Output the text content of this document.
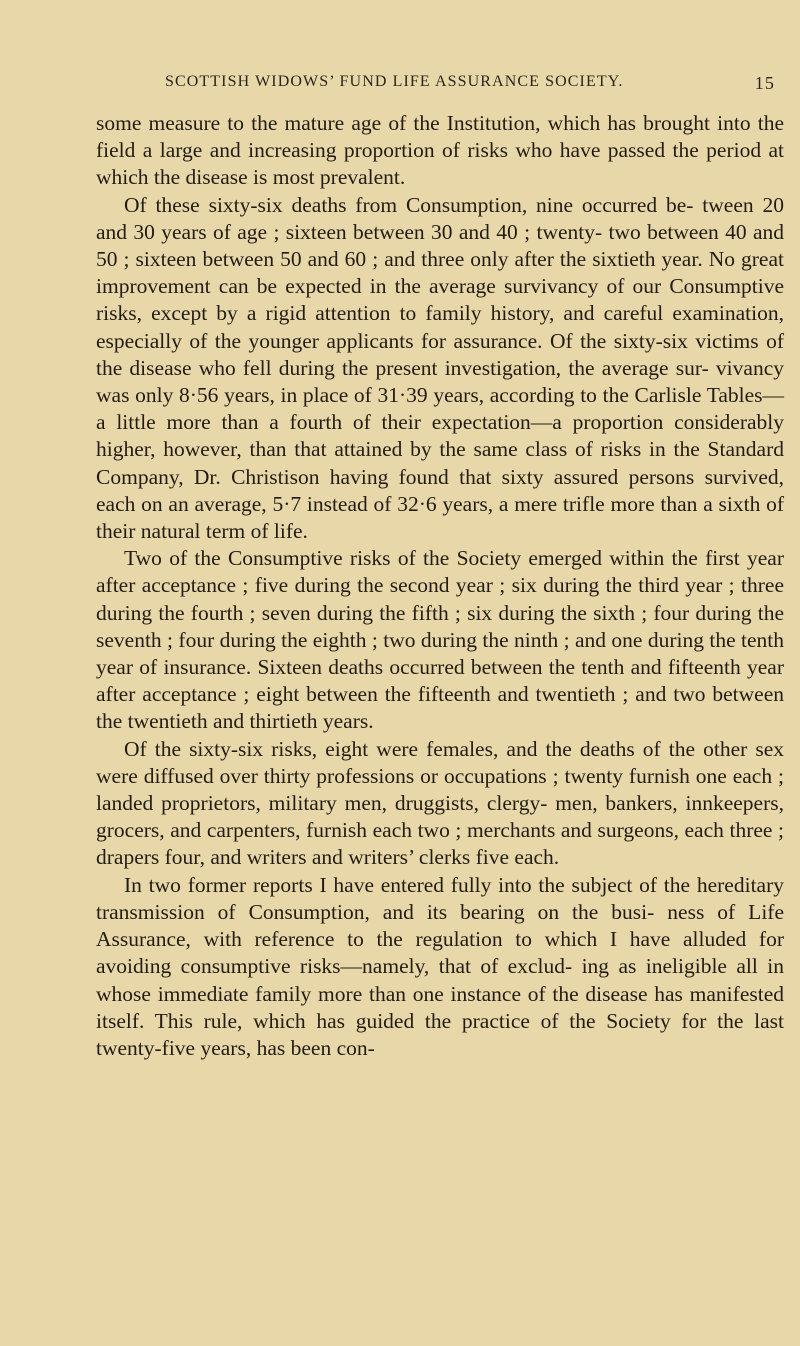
SCOTTISH WIDOWS’ FUND LIFE ASSURANCE SOCIETY.	15

some measure to the mature age of the Institution, which has brought into the field a large and increasing proportion of risks who have passed the period at which the disease is most prevalent.

Of these sixty-six deaths from Consumption, nine occurred be- tween 20 and 30 years of age ; sixteen between 30 and 40 ; twenty- two between 40 and 50 ; sixteen between 50 and 60 ; and three only after the sixtieth year. No great improvement can be expected in the average survivancy of our Consumptive risks, except by a rigid attention to family history, and careful examination, especially of the younger applicants for assurance. Of the sixty-six victims of the disease who fell during the present investigation, the average sur- vivancy was only 8·56 years, in place of 31·39 years, according to the Carlisle Tables—a little more than a fourth of their expectation—a proportion considerably higher, however, than that attained by the same class of risks in the Standard Company, Dr. Christison having found that sixty assured persons survived, each on an average, 5·7 instead of 32·6 years, a mere trifle more than a sixth of their natural term of life.

Two of the Consumptive risks of the Society emerged within the first year after acceptance ; five during the second year ; six during the third year ; three during the fourth ; seven during the fifth ; six during the sixth ; four during the seventh ; four during the eighth ; two during the ninth ; and one during the tenth year of insurance. Sixteen deaths occurred between the tenth and fifteenth year after acceptance ; eight between the fifteenth and twentieth ; and two between the twentieth and thirtieth years.

Of the sixty-six risks, eight were females, and the deaths of the other sex were diffused over thirty professions or occupations ; twenty furnish one each ; landed proprietors, military men, druggists, clergy- men, bankers, innkeepers, grocers, and carpenters, furnish each two ; merchants and surgeons, each three ; drapers four, and writers and writers’ clerks five each.

In two former reports I have entered fully into the subject of the hereditary transmission of Consumption, and its bearing on the busi- ness of Life Assurance, with reference to the regulation to which I have alluded for avoiding consumptive risks—namely, that of exclud- ing as ineligible all in whose immediate family more than one instance of the disease has manifested itself. This rule, which has guided the practice of the Society for the last twenty-five years, has been con-
